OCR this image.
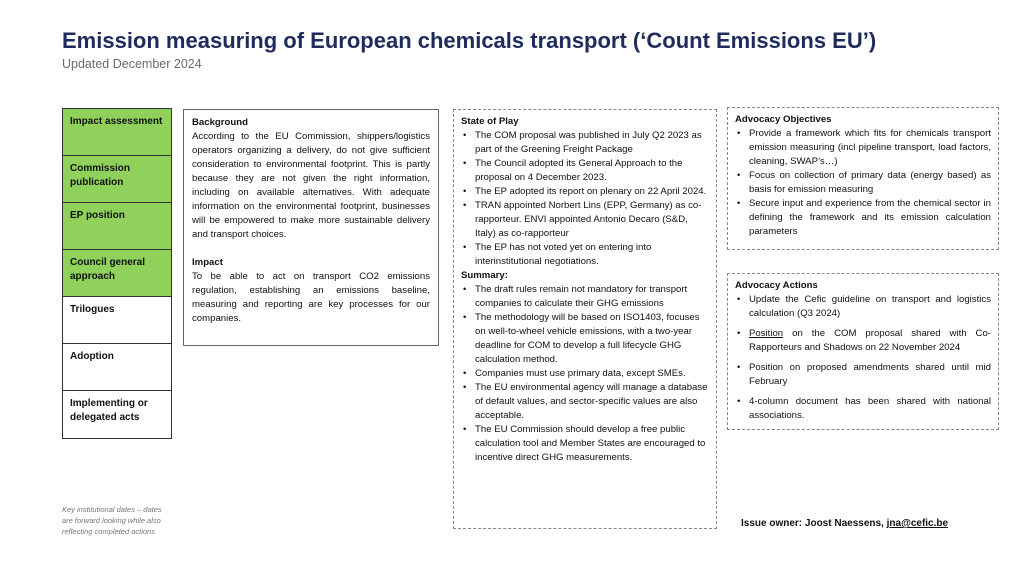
Emission measuring of European chemicals transport (‘Count Emissions EU’)
Updated December 2024
Impact assessment
Commission publication
EP position
Council general approach
Trilogues
Adoption
Implementing or delegated acts
Key institutional dates – dates are forward looking while also reflecting completed actions
Background
According to the EU Commission, shippers/logistics operators organizing a delivery, do not give sufficient consideration to environmental footprint. This is partly because they are not given the right information, including on available alternatives. With adequate information on the environmental footprint, businesses will be empowered to make more sustainable delivery and transport choices.
Impact
To be able to act on transport CO2 emissions regulation, establishing an emissions baseline, measuring and reporting are key processes for our companies.
State of Play
• The COM proposal was published in July Q2 2023 as part of the Greening Freight Package
• The Council adopted its General Approach to the proposal on 4 December 2023.
• The EP adopted its report on plenary on 22 April 2024.
• TRAN appointed Norbert Lins (EPP, Germany) as co-rapporteur. ENVI appointed Antonio Decaro (S&D, Italy) as co-rapporteur
• The EP has not voted yet on entering into interinstitutional negotiations.
Summary:
• The draft rules remain not mandatory for transport companies to calculate their GHG emissions
• The methodology will be based on ISO1403, focuses on well-to-wheel vehicle emissions, with a two-year deadline for COM to develop a full lifecycle GHG calculation method.
• Companies must use primary data, except SMEs.
• The EU environmental agency will manage a database of default values, and sector-specific values are also acceptable.
• The EU Commission should develop a free public calculation tool and Member States are encouraged to incentive direct GHG measurements.
Advocacy Objectives
• Provide a framework which fits for chemicals transport emission measuring (incl pipeline transport, load factors, cleaning, SWAP’s…)
• Focus on collection of primary data (energy based) as basis for emission measuring
• Secure input and experience from the chemical sector in defining the framework and its emission calculation parameters
Advocacy Actions
• Update the Cefic guideline on transport and logistics calculation (Q3 2024)
• Position on the COM proposal shared with Co-Rapporteurs and Shadows on 22 November 2024
• Position on proposed amendments shared until mid February
• 4-column document has been shared with national associations.
Issue owner: Joost Naessens, jna@cefic.be
